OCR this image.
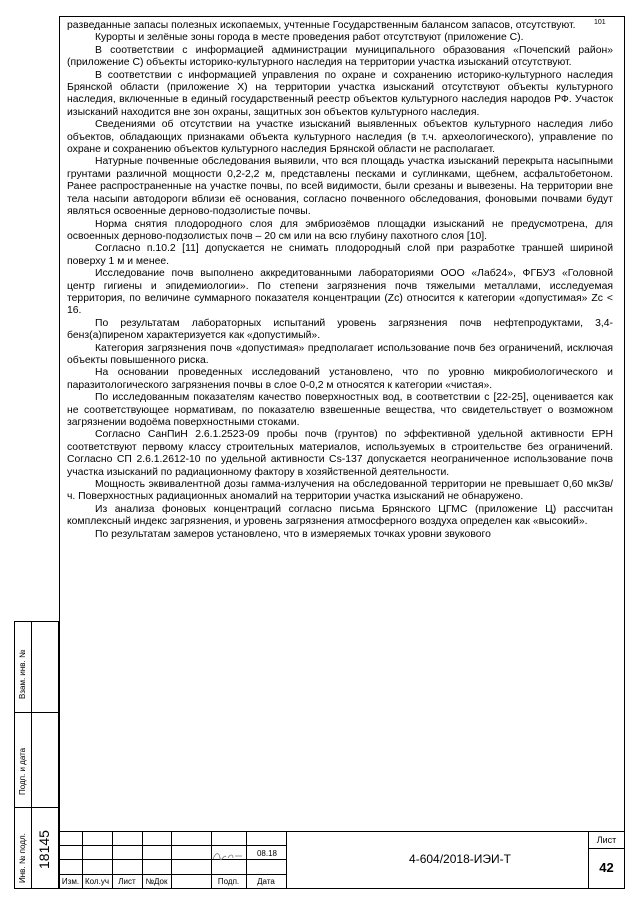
101

разведанные запасы полезных ископаемых, учтенные Государственным балансом запасов, отсутствуют.

Курорты и зелёные зоны города в месте проведения работ отсутствуют (приложение С).

В соответствии с информацией администрации муниципального образования «Почепский район» (приложение С) объекты историко-культурного наследия на территории участка изысканий отсутствуют.

В соответствии с информацией управления по охране и сохранению историко-культурного наследия Брянской области (приложение Х) на территории участка изысканий отсутствуют объекты культурного наследия, включенные в единый государственный реестр объектов культурного наследия народов РФ. Участок изысканий находится вне зон охраны, защитных зон объектов культурного наследия.

Сведениями об отсутствии на участке изысканий выявленных объектов культурного наследия либо объектов, обладающих признаками объекта культурного наследия (в т.ч. археологического), управление по охране и сохранению объектов культурного наследия Брянской области не располагает.

Натурные почвенные обследования выявили, что вся площадь участка изысканий перекрыта насыпными грунтами различной мощности 0,2-2,2 м, представлены песками и суглинками, щебнем, асфальтобетоном. Ранее распространенные на участке почвы, по всей видимости, были срезаны и вывезены. На территории вне тела насыпи автодороги вблизи её основания, согласно почвенного обследования, фоновыми почвами будут являться освоенные дерново-подзолистые почвы.

Норма снятия плодородного слоя для эмбриозёмов площадки изысканий не предусмотрена, для освоенных дерново-подзолистых почв – 20 см или на всю глубину пахотного слоя [10].

Согласно п.10.2 [11] допускается не снимать плодородный слой при разработке траншей шириной поверху 1 м и менее.

Исследование почв выполнено аккредитованными лабораториями ООО «Лаб24», ФГБУЗ «Головной центр гигиены и эпидемиологии». По степени загрязнения почв тяжелыми металлами, исследуемая территория, по величине суммарного показателя концентрации (Zc) относится к категории «допустимая» Zc < 16.

По результатам лабораторных испытаний уровень загрязнения почв нефтепродуктами, 3,4-бенз(а)пиреном характеризуется как «допустимый».

Категория загрязнения почв «допустимая» предполагает использование почв без ограничений, исключая объекты повышенного риска.

На основании проведенных исследований установлено, что по уровню микробиологического и паразитологического загрязнения почвы в слое 0-0,2 м относятся к категории «чистая».

По исследованным показателям качество поверхностных вод, в соответствии с [22-25], оценивается как не соответствующее нормативам, по показателю взвешенные вещества, что свидетельствует о возможном загрязнении водоёма поверхностными стоками.

Согласно СанПиН 2.6.1.2523-09 пробы почв (грунтов) по эффективной удельной активности ЕРН соответствуют первому классу строительных материалов, используемых в строительстве без ограничений. Согласно СП 2.6.1.2612-10 по удельной активности Cs-137 допускается неограниченное использование почв участка изысканий по радиационному фактору в хозяйственной деятельности.

Мощность эквивалентной дозы гамма-излучения на обследованной территории не превышает 0,60 мкЗв/ч. Поверхностных радиационных аномалий на территории участка изысканий не обнаружено.

Из анализа фоновых концентраций согласно письма Брянского ЦГМС (приложение Ц) рассчитан комплексный индекс загрязнения, и уровень загрязнения атмосферного воздуха определен как «высокий».

По результатам замеров установлено, что в измеряемых точках уровни звукового

Взам. инв. №
Подп. и дата
Инв. № подл. 18145
Изм. Кол.уч	Лист	№Док	Подп.	Дата
08.18	4-604/2018-ИЭИ-Т
Лист
42
